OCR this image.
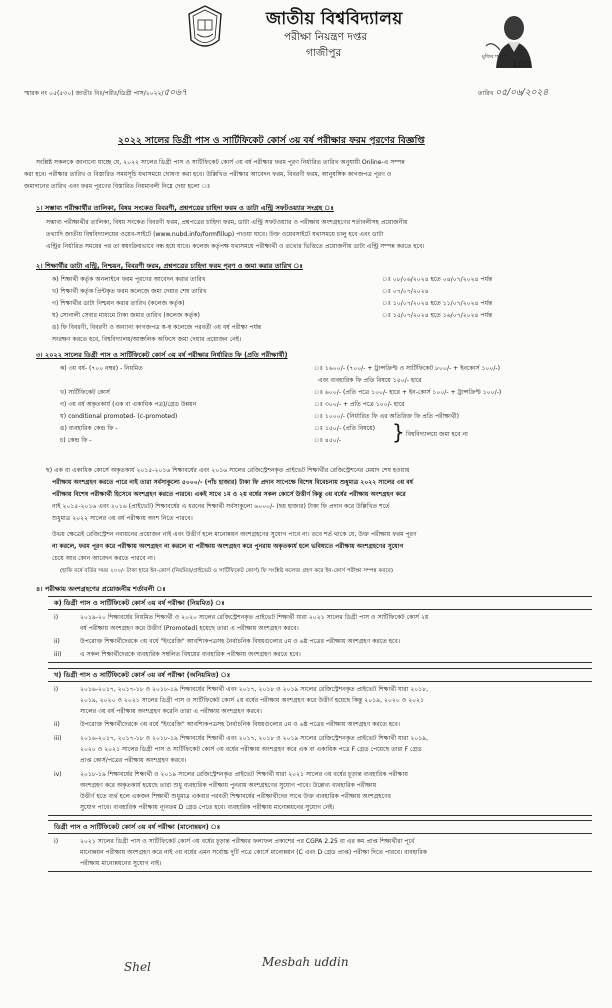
জাতীয় বিশ্ববিদ্যালয়
পরীক্ষা নিয়ন্ত্রণ দপ্তর
গাজীপুর	মুজিব শতবর্ষ
100
স্মারক নং ০৫(৫৩০) জাতীঃ বিঃ/পরীঃ/ডিগ্রী পাস/২০২২/৫০৬৭	তারিখ ০৫/০৬/২০২৪
২০২২ সালের ডিগ্রী পাস ও সার্টিফিকেট কোর্স ৩য় বর্ষ পরীক্ষার ফরম পূরণের বিজ্ঞপ্তি
সংশ্লিষ্ট সকলকে জানানো যাচ্ছে যে, ২০২২ সালের ডিগ্রী পাস ও সার্টিফিকেট কোর্স ৩য় বর্ষ পরীক্ষার ফরম পূরণ নির্ধারিত তারিখ অনুযায়ী Online-এ সম্পন্ন
করা হবে। পরীক্ষার তারিখ ও বিস্তারিত সময়সূচি যথাসময়ে ঘোষণা করা হবে। উল্লিখিত পরীক্ষার আবেদন ফরম, বিবরণী ফরম, আনুষঙ্গিক কাগজপত্র পূরণ ও
জমাদানের তারিখ এবং ফরম পূরণের বিস্তারিত নিয়মাবলী নিম্নে দেয়া হলো ঃ
১। সম্ভাব্য পরীক্ষার্থীর তালিকা, বিষয় সংকেত বিবরণী, প্রশ্নপত্রের চাহিদা ফরম ও ডাটা এন্ট্রি সফটওয়্যার সংগ্রহ ঃ
সম্ভাব্য পরীক্ষার্থীর তালিকা, বিষয় সংকেত বিবরণী ফরম, প্রশ্নপত্রের চাহিদা ফরম, ডাটা এন্ট্রি সফটওয়্যার ও পরীক্ষায় অংশগ্রহণের শর্তাবলীসহ প্রয়োজনীয়
তথ্যাদি জাতীয় বিশ্ববিদ্যালয়ের ওয়েব-সাইটে (www.nubd.info/formfillup) পাওয়া যাবে। উক্ত ওয়েবসাইটে যথাসময়ে চালু হবে এবং ডাটা
এন্ট্রির নির্ধারিত সময়ের পর তা স্বয়ংক্রিয়ভাবে বন্ধ হয়ে যাবে। কলেজ কর্তৃপক্ষ যথাসময়ে পরীক্ষার্থী ও তথ্যের ভিত্তিতে প্রয়োজনীয় ডাটা এন্ট্রি সম্পন্ন করতে হবে।
২। শিক্ষার্থীর ডাটা এন্ট্রি, নিশ্চয়ন, বিবরণী ফরম, প্রশ্নপত্রের চাহিদা ফরম পূরণ ও জমা করার তারিখ ঃ
ক) শিক্ষার্থী কর্তৃক অনলাইনে ফরম পূরণের আবেদন করার তারিখ	ঃ ০৮/০৬/২০২৪ হতে ০৪/০৭/২০২৪ পর্যন্ত
খ) শিক্ষার্থী কর্তৃক প্রিন্টকৃত ফরম কলেজে জমা দেয়ার শেষ তারিখ	ঃ ০৭/০৭/২০২৪
গ) শিক্ষার্থীর ডাটা নিশ্চয়ন করার তারিখ (কলেজ কর্তৃক)	ঃ ১০/০৭/২০২৪ হতে ১১/০৭/২০২৪ পর্যন্ত
ঘ) সোনালী সেবার মাধ্যমে টাকা জমার তারিখ (কলেজ কর্তৃক)	ঃ ১৫/০৭/২০২৪ হতে ১৬/০৭/২০২৪ পর্যন্ত
ঙ) ফি বিবরণী, বিবরণী ও অন্যান্য কাগজপত্র স্ব-স্ব কলেজে পরবর্তী ৩য় বর্ষ পরীক্ষা পর্যন্ত
সংরক্ষণ করতে হবে, বিশ্ববিদ্যালয়/আঞ্চলিক অফিসে জমা দেয়ার প্রয়োজন নেই।
৩। ২০২২ সালের ডিগ্রী পাস ও সার্টিফিকেট কোর্স ৩য় বর্ষ পরীক্ষার নির্ধারিত ফি (প্রতি পরীক্ষার্থী)
ক) ৩য় বর্ষ- (৭০০ নম্বর) - নিয়মিত	ঃ ১৬০০/- (৭০০/- + ট্রান্সক্রিপ্ট ও সার্টিফিকেট ৮০০/- + ইনকোর্স ১০০/-)
এবং ব্যবহারিক ফি প্রতি বিষয়ে ১৫০/- হারে
খ) সার্টিফিকেট কোর্স	ঃ ৬০০/- (প্রতি পত্রে ১০০/- হারে + ইন-কোর্স ১০০/- + ট্রান্সক্রিপ্ট ১০০/-)
গ) ৩য় বর্ষ অকৃতকার্য (এক বা একাধিক পত্র)/গ্রেড উন্নয়ন	ঃ ৩০০/- + প্রতি পত্রে ১০০/- হারে
ঘ) conditional promoted- (c-promoted)	ঃ ১০০০/- (নির্ধারিত ফি এর অতিরিক্ত ফি প্রতি পরীক্ষার্থী)
ঙ) ব্যবহারিক কেন্দ্র ফি -	ঃ ১৫০/- (প্রতি বিষয়ে)
চ) কেন্দ্র ফি -	ঃ ৪৫০/-	} বিশ্ববিদ্যালয়ে জমা হবে না
ছ) এক বা একাধিক কোর্সে অকৃতকার্য ২০১৫-২০১৬ শিক্ষাবর্ষের এবং ২০১৬ সালের রেজিস্ট্রেশনকৃত প্রাইভেট শিক্ষার্থীর রেজিস্ট্রেশনের মেয়াদ শেষ হওয়ায়
পরীক্ষায় অংশগ্রহণ করতে পারে নাই তারা সর্বসাকুল্যে ৫০০০/- (পাঁচ হাজার) টাকা ফি প্রদান সাপেক্ষে বিশেষ বিবেচনায় শুধুমাত্র ২০২২ সালের ৩য় বর্ষ
পরীক্ষায় বিশেষ পরীক্ষার্থী হিসেবে অংশগ্রহণ করতে পারবে। একই সাথে ১ম ও ২য় বর্ষের সকল কোর্সে উত্তীর্ণ কিন্তু ৩য় বর্ষের পরীক্ষায় অংশগ্রহণ করে
নাই ২০১৫-২০১৬ এবং ২০১৬ (প্রাইভেট) শিক্ষাবর্ষের এ ধরনের শিক্ষার্থী সর্বসাকুল্যে ৬০০০/- (ছয় হাজার) টাকা ফি প্রদান করে উল্লিখিত শর্তে
শুধুমাত্র ২০২২ সালের ৩য় বর্ষ পরীক্ষায় অংশ নিতে পারবে।
উভয় ক্ষেত্রেই রেজিস্ট্রেশন নবায়নের প্রয়োজন নাই এবং উত্তীর্ণ হলে মানোন্নয়ন অংশগ্রহণের সুযোগ পাবে না। তবে শর্ত থাকে যে, উক্ত পরীক্ষায় ফরম পূরণ
না করলে, ফরম পূরণ করে পরীক্ষায় অংশগ্রহণ না করলে বা পরীক্ষায় অংশগ্রহণ করে পুনরায় অকৃতকার্য হলে ভবিষ্যতে পরীক্ষায় অংশগ্রহণের সুযোগ
চেয়ে আর কোন আবেদন করতে পারবে না।
(হাফি বর্ষে বর্তির সময় ২০০/- টাকা হারে ইন-কোর্স (নিয়মিত/প্রাইভেট ও সার্টিফিকেট কোর্স) ফি সংশ্লিষ্ট কলেজ গ্রহণ করে ইন-কোর্স পরীক্ষা সম্পন্ন করবে)
৪। পরীক্ষায় অংশগ্রহণের প্রয়োজনীয় শর্তাবলী ঃ
ক) ডিগ্রী পাস ও সার্টিফিকেট কোর্স ৩য় বর্ষ পরীক্ষা (নিয়মিত) ঃ
i)	২০১৯-২০ শিক্ষাবর্ষের নিয়মিত শিক্ষার্থী ও ২০২০ সালের রেজিস্ট্রেশনকৃত প্রাইভেট শিক্ষার্থী যারা ২০২১ সালের ডিগ্রী পাস ও সার্টিফিকেট কোর্স ২য়
বর্ষ পরীক্ষায় অংশগ্রহণ করে উত্তীর্ণ (Promoted) হয়েছে তারা এ পরীক্ষায় অংশগ্রহণ করবে।
ii)	উপরোক্ত শিক্ষার্থীদেরকে ৩য় বর্ষে "ইংরেজি" আবশ্যিকপত্রসহ নৈর্বাচনিক বিষয়গুলোর ৫ম ও ৬ষ্ঠ পত্রের পরীক্ষায় অংশগ্রহণ করতে হবে।
iii)	এ সকল শিক্ষার্থীদেরকে ব্যবহারিক সম্বলিত বিষয়ের ব্যবহারিক পরীক্ষায় অংশগ্রহণ করতে হবে।
খ) ডিগ্রী পাস ও সার্টিফিকেট কোর্স ৩য় বর্ষ পরীক্ষা (অনিয়মিত) ঃ
i)	২০১৬-২০১৭, ২০১৭-১৮ ও ২০১৮-১৯ শিক্ষাবর্ষের শিক্ষার্থী এবং ২০১৭, ২০১৮ ও ২০১৯ সালের রেজিস্ট্রেশনকৃত প্রাইভেট শিক্ষার্থী যারা ২০১৮,
২০১৯, ২০২০ ও ২০২১ সালের ডিগ্রী পাস ও সার্টিফিকেট কোর্স ২য় বর্ষের পরীক্ষায় অংশগ্রহণ করে উত্তীর্ণ হয়েছে কিন্তু ২০১৯, ২০২০ ও ২০২১
সালের ৩য় বর্ষ পরীক্ষায় অংশগ্রহণ করেনি তারা এ পরীক্ষায় অংশগ্রহণ করবে।
ii)	উপরোক্ত শিক্ষার্থীদেরকে ৩য় বর্ষে "ইংরেজি" আবশ্যিকপত্রসহ নৈর্বাচনিক বিষয়গুলোর ৫ম ও ৬ষ্ঠ পত্রের পরীক্ষায় অংশগ্রহণ করতে হবে।
iii)	২০১৬-২০১৭, ২০১৭-১৮ ও ২০১৮-১৯ শিক্ষাবর্ষের শিক্ষার্থী এবং ২০১৭, ২০১৮ ও ২০১৯ সালের রেজিস্ট্রেশনকৃত প্রাইভেট শিক্ষার্থী যারা ২০১৯,
২০২০ ও ২০২১ সালের ডিগ্রী পাস ও সার্টিফিকেট কোর্স ৩য় বর্ষের পরীক্ষায় অংশগ্রহণ করে এক বা একাধিক পত্রে F গ্রেড পেয়েছে তারা F গ্রেড
প্রাপ্ত কোর্স/পত্রের পরীক্ষায় অংশগ্রহণ করবে।
iv)	২০১৮-১৯ শিক্ষাবর্ষের শিক্ষার্থী ও ২০১৯ সালের রেজিস্ট্রেশনকৃত প্রাইভেট শিক্ষার্থী যারা ২০২১ সালের ৩য় বর্ষের চূড়ান্ত ব্যবহারিক পরীক্ষায়
অংশগ্রহণ করে অকৃতকার্য হয়েছে তারা শুধু ব্যবহারিক পরীক্ষায় পুনরায় অংশগ্রহণের সুযোগ পাবে। উল্লেখ্য ব্যবহারিক পরীক্ষায়
উত্তীর্ণ হতে ব্যর্থ হলে একজন শিক্ষার্থী শুধুমাত্র একবার পরবর্তী শিক্ষাবর্ষের পরীক্ষার্থীদের সাথে উক্ত ব্যবহারিক পরীক্ষায় অংশগ্রহণের
সুযোগ পাবে। ব্যবহারিক পরীক্ষায় ন্যূনতম D গ্রেড পেতে হবে। ব্যবহারিক পরীক্ষায় মানোন্নয়নের সুযোগ নেই।
ডিগ্রী পাস ও সার্টিফিকেট কোর্স ৩য় বর্ষ পরীক্ষা (মানোন্নয়ন) ঃ
i)	২০২১ সালের ডিগ্রী পাস ও সার্টিফিকেট কোর্স ৩য় বর্ষের চূড়ান্ত পরীক্ষার ফলাফল প্রকাশের পর CGPA 2.25 বা এর কম প্রাপ্ত শিক্ষার্থীরা পূর্বে
মানোন্নয়ন পরীক্ষায় অংশগ্রহণ করে নাই ৩য় বর্ষের এমন সর্বোচ্চ দুটি পত্রে কোর্সে মানোন্নয়ন (C এবং D গ্রেড প্রাপ্ত) পরীক্ষা দিতে পারবে। ব্যবহারিক
পরীক্ষায় মানোন্নয়নের সুযোগ নাই।
Shel	Mesbah uddin
